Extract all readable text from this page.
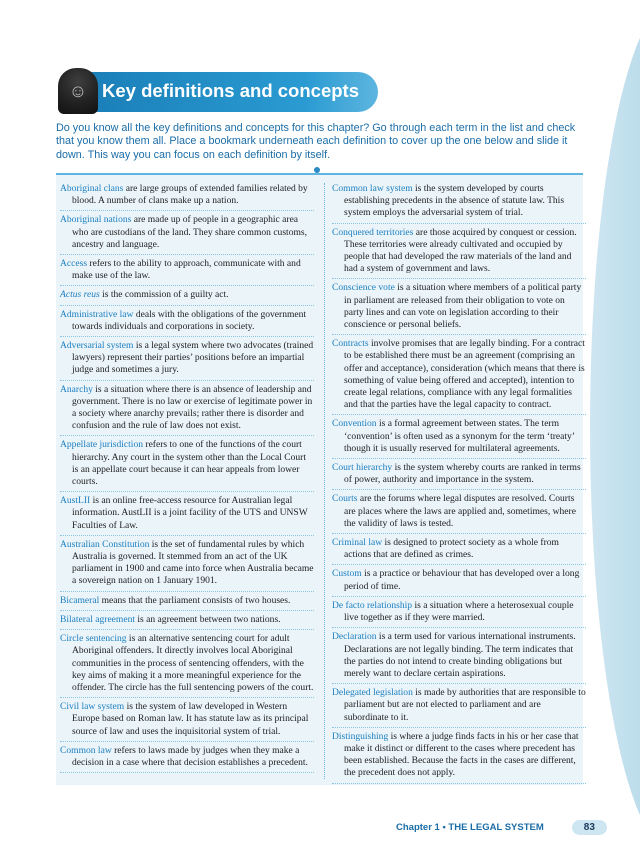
☺ Key definitions and concepts
Do you know all the key definitions and concepts for this chapter? Go through each term in the list and check that you know them all. Place a bookmark underneath each definition to cover up the one below and slide it down. This way you can focus on each definition by itself.
Aboriginal clans are large groups of extended families related by blood. A number of clans make up a nation.
Aboriginal nations are made up of people in a geographic area who are custodians of the land. They share common customs, ancestry and language.
Access refers to the ability to approach, communicate with and make use of the law.
Actus reus is the commission of a guilty act.
Administrative law deals with the obligations of the government towards individuals and corporations in society.
Adversarial system is a legal system where two advocates (trained lawyers) represent their parties’ positions before an impartial judge and sometimes a jury.
Anarchy is a situation where there is an absence of leadership and government. There is no law or exercise of legitimate power in a society where anarchy prevails; rather there is disorder and confusion and the rule of law does not exist.
Appellate jurisdiction refers to one of the functions of the court hierarchy. Any court in the system other than the Local Court is an appellate court because it can hear appeals from lower courts.
AustLII is an online free-access resource for Australian legal information. AustLII is a joint facility of the UTS and UNSW Faculties of Law.
Australian Constitution is the set of fundamental rules by which Australia is governed. It stemmed from an act of the UK parliament in 1900 and came into force when Australia became a sovereign nation on 1 January 1901.
Bicameral means that the parliament consists of two houses.
Bilateral agreement is an agreement between two nations.
Circle sentencing is an alternative sentencing court for adult Aboriginal offenders. It directly involves local Aboriginal communities in the process of sentencing offenders, with the key aims of making it a more meaningful experience for the offender. The circle has the full sentencing powers of the court.
Civil law system is the system of law developed in Western Europe based on Roman law. It has statute law as its principal source of law and uses the inquisitorial system of trial.
Common law refers to laws made by judges when they make a decision in a case where that decision establishes a precedent.
Common law system is the system developed by courts establishing precedents in the absence of statute law. This system employs the adversarial system of trial.
Conquered territories are those acquired by conquest or cession. These territories were already cultivated and occupied by people that had developed the raw materials of the land and had a system of government and laws.
Conscience vote is a situation where members of a political party in parliament are released from their obligation to vote on party lines and can vote on legislation according to their conscience or personal beliefs.
Contracts involve promises that are legally binding. For a contract to be established there must be an agreement (comprising an offer and acceptance), consideration (which means that there is something of value being offered and accepted), intention to create legal relations, compliance with any legal formalities and that the parties have the legal capacity to contract.
Convention is a formal agreement between states. The term ‘convention’ is often used as a synonym for the term ‘treaty’ though it is usually reserved for multilateral agreements.
Court hierarchy is the system whereby courts are ranked in terms of power, authority and importance in the system.
Courts are the forums where legal disputes are resolved. Courts are places where the laws are applied and, sometimes, where the validity of laws is tested.
Criminal law is designed to protect society as a whole from actions that are defined as crimes.
Custom is a practice or behaviour that has developed over a long period of time.
De facto relationship is a situation where a heterosexual couple live together as if they were married.
Declaration is a term used for various international instruments. Declarations are not legally binding. The term indicates that the parties do not intend to create binding obligations but merely want to declare certain aspirations.
Delegated legislation is made by authorities that are responsible to parliament but are not elected to parliament and are subordinate to it.
Distinguishing is where a judge finds facts in his or her case that make it distinct or different to the cases where precedent has been established. Because the facts in the cases are different, the precedent does not apply.
Chapter 1 • THE LEGAL SYSTEM	83
